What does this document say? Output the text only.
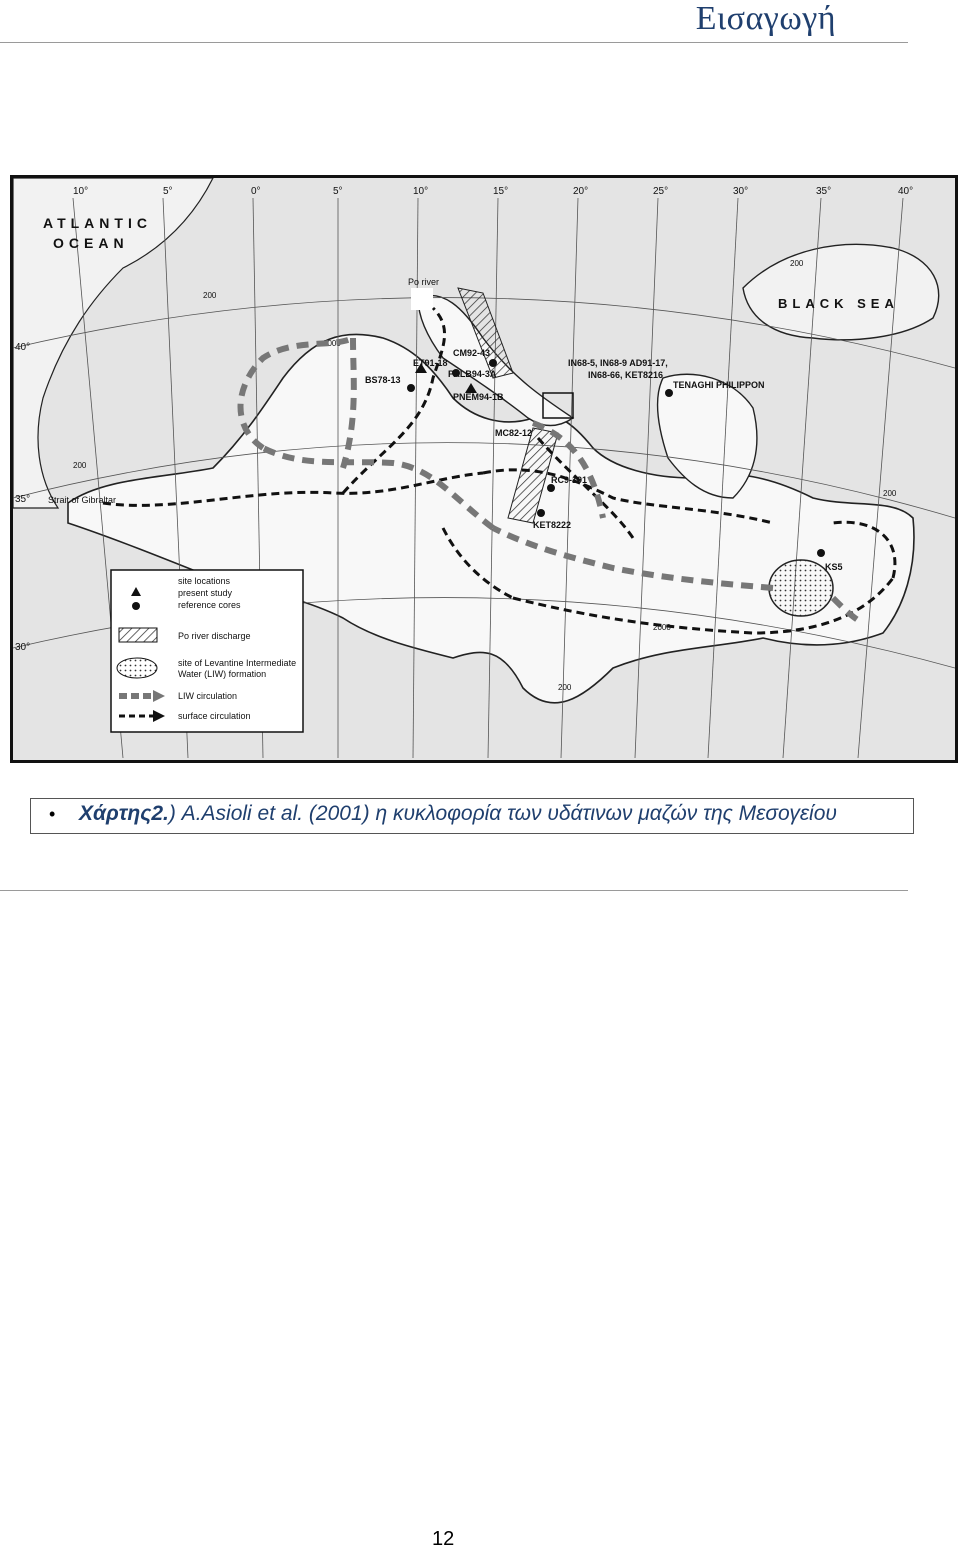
Εισαγωγή
10°	5°	0°	5°	10°	15°	20°	25°	30°	35°	40°
40°
35°
30°
ATLANTIC
OCEAN
BLACK SEA
Strait of Gibraltar
Po river
200
2000
200
200
200
2000
200
ET91-18
BS78-13
CM92-43
PALB94-3A
PNEM94-1B
IN68-5, IN68-9 AD91-17,
IN68-66, KET8216
TENAGHI PHILIPPON
MC82-12
RC9-191
KET8222
KS5
site locations
present study
reference cores
Po river discharge
site of Levantine Intermediate
Water (LIW) formation
LIW circulation
surface circulation
• Χάρτης2.) A.Asioli et al. (2001) η κυκλοφορία των υδάτινων μαζών της Μεσογείου
12
